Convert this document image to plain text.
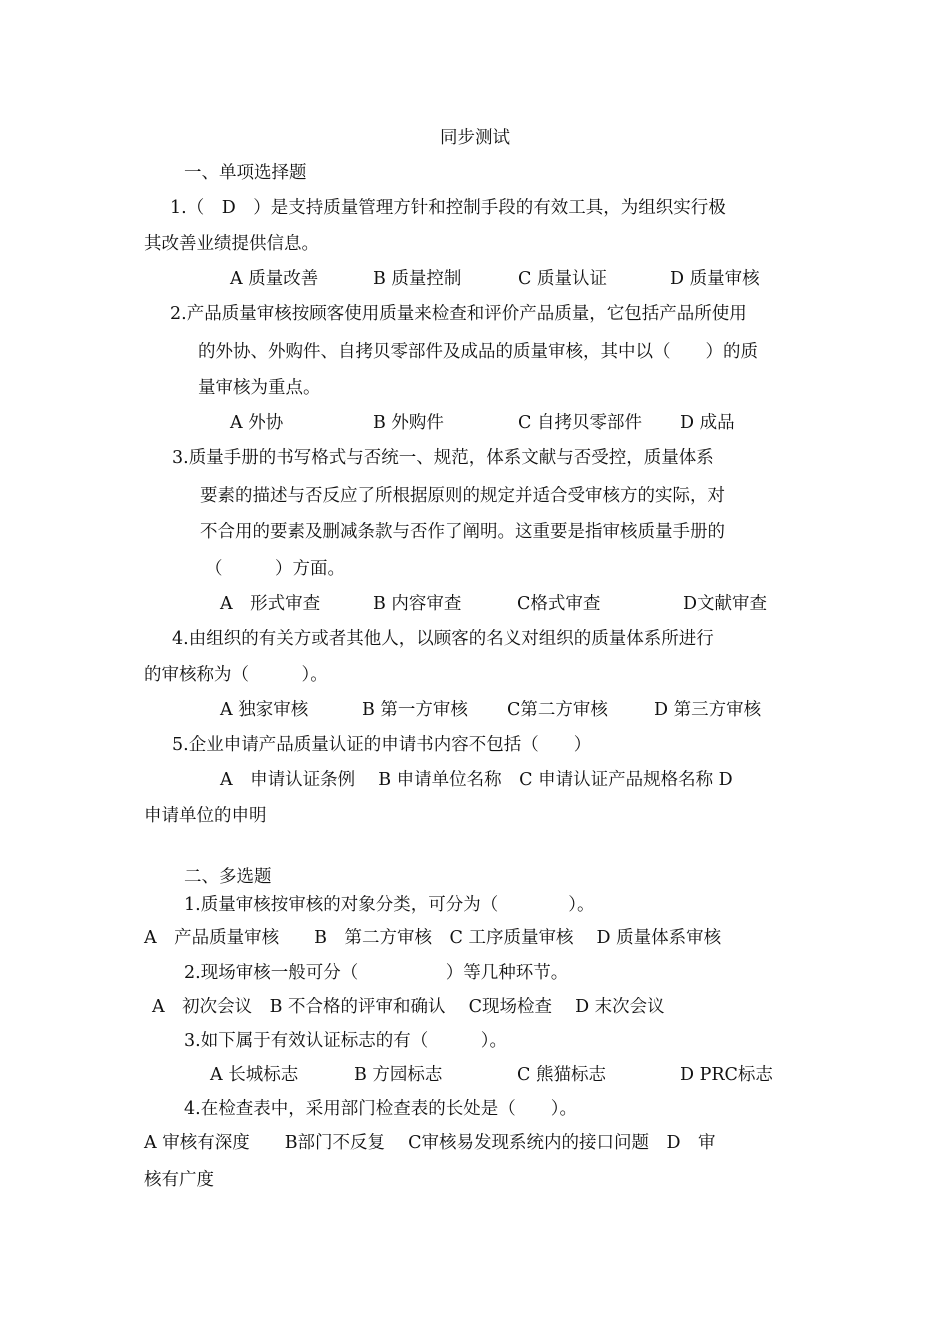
同步测试
一、单项选择题
1.（　D　）是支持质量管理方针和控制手段的有效工具，为组织实行极
其改善业绩提供信息。
A 质量改善	B 质量控制	C 质量认证	D 质量审核
2.产品质量审核按顾客使用质量来检查和评价产品质量，它包括产品所使用
的外协、外购件、自拷贝零部件及成品的质量审核，其中以（　　）的质
量审核为重点。
A 外协	B 外购件	C 自拷贝零部件 D 成品
3.质量手册的书写格式与否统一、规范，体系文献与否受控，质量体系
要素的描述与否反应了所根据原则的规定并适合受审核方的实际，对
不合用的要素及删减条款与否作了阐明。这重要是指审核质量手册的
（　　　）方面。
A　形式审查	B 内容审查	C格式审查	D文献审查
4.由组织的有关方或者其他人，以顾客的名义对组织的质量体系所进行
的审核称为（　　　）。
A 独家审核	B 第一方审核 C第二方审核	D 第三方审核
5.企业申请产品质量认证的申请书内容不包括（　　）
A　申请认证条例　 B 申请单位名称　C 申请认证产品规格名称 D
申请单位的申明
二、多选题
1.质量审核按审核的对象分类，可分为（　　　　）。
A　产品质量审核　　B　第二方审核　C 工序质量审核　 D 质量体系审核
2.现场审核一般可分（　　　　　）等几种环节。
A　初次会议　B 不合格的评审和确认　 C现场检查　 D 末次会议
3.如下属于有效认证标志的有（　　　）。
A 长城标志	B 方园标志	C 熊猫标志	D PRC标志
4.在检查表中，采用部门检查表的长处是（　　）。
A 审核有深度　　B部门不反复　 C审核易发现系统内的接口问题　D　审
核有广度
